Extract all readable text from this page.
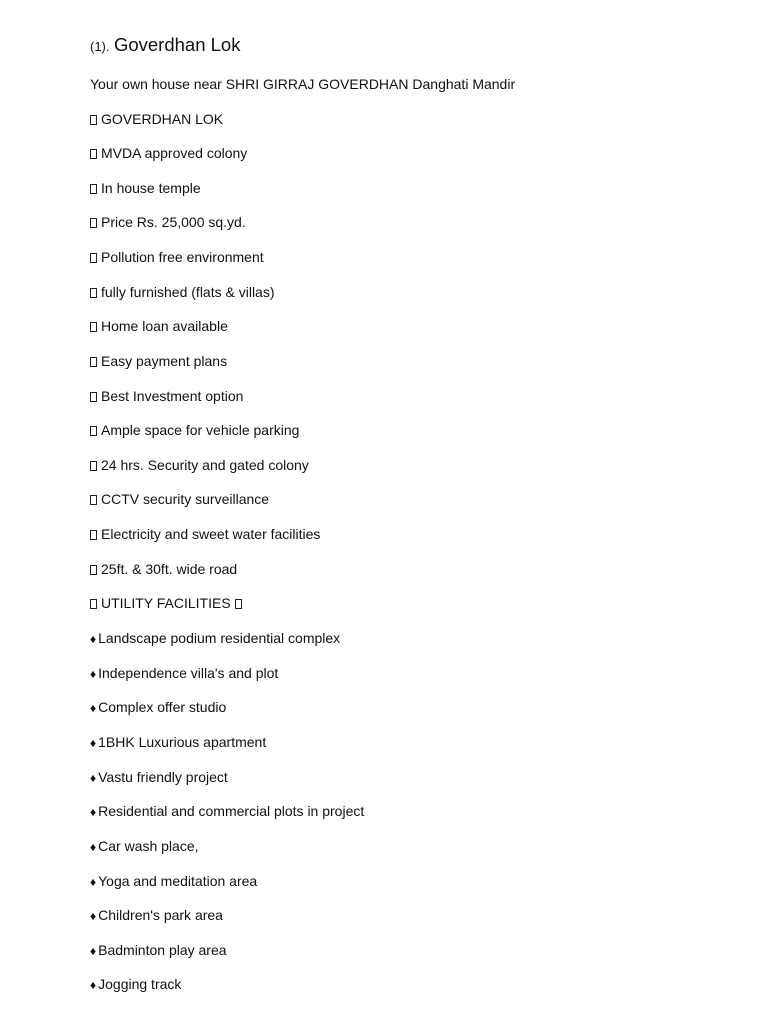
(1). Goverdhan Lok
Your own house near SHRI GIRRAJ GOVERDHAN Danghati Mandir
GOVERDHAN LOK
MVDA approved colony
In house temple
Price Rs. 25,000 sq.yd.
Pollution free environment
fully furnished (flats & villas)
Home loan available
Easy payment plans
Best Investment option
Ample space for vehicle parking
24 hrs. Security and gated colony
CCTV security surveillance
Electricity and sweet water facilities
25ft. & 30ft. wide road
UTILITY FACILITIES
♦ Landscape podium residential complex
♦ Independence villa's and plot
♦ Complex offer studio
♦ 1BHK Luxurious apartment
♦ Vastu friendly project
♦ Residential and commercial plots in project
♦ Car wash place,
♦ Yoga and meditation area
♦ Children's park area
♦ Badminton play area
♦ Jogging track
